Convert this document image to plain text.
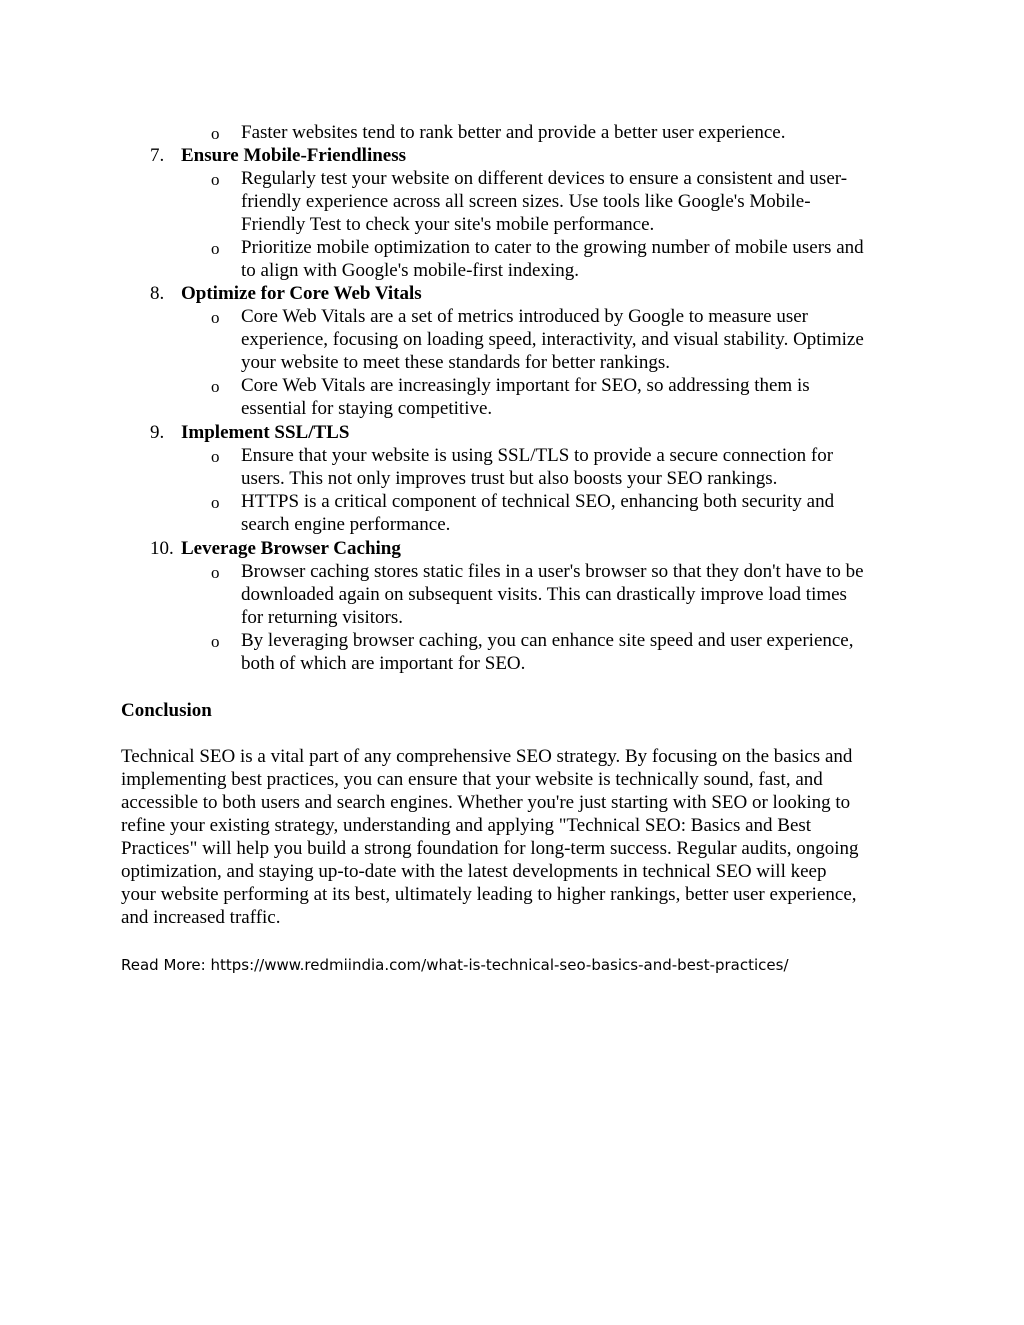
o Faster websites tend to rank better and provide a better user experience.
7. Ensure Mobile-Friendliness
o Regularly test your website on different devices to ensure a consistent and user-
friendly experience across all screen sizes. Use tools like Google's Mobile-
Friendly Test to check your site's mobile performance.
o Prioritize mobile optimization to cater to the growing number of mobile users and
to align with Google's mobile-first indexing.
8. Optimize for Core Web Vitals
o Core Web Vitals are a set of metrics introduced by Google to measure user
experience, focusing on loading speed, interactivity, and visual stability. Optimize
your website to meet these standards for better rankings.
o Core Web Vitals are increasingly important for SEO, so addressing them is
essential for staying competitive.
9. Implement SSL/TLS
o Ensure that your website is using SSL/TLS to provide a secure connection for
users. This not only improves trust but also boosts your SEO rankings.
o HTTPS is a critical component of technical SEO, enhancing both security and
search engine performance.
10. Leverage Browser Caching
o Browser caching stores static files in a user's browser so that they don't have to be
downloaded again on subsequent visits. This can drastically improve load times
for returning visitors.
o By leveraging browser caching, you can enhance site speed and user experience,
both of which are important for SEO.
Conclusion
Technical SEO is a vital part of any comprehensive SEO strategy. By focusing on the basics and
implementing best practices, you can ensure that your website is technically sound, fast, and
accessible to both users and search engines. Whether you're just starting with SEO or looking to
refine your existing strategy, understanding and applying "Technical SEO: Basics and Best
Practices" will help you build a strong foundation for long-term success. Regular audits, ongoing
optimization, and staying up-to-date with the latest developments in technical SEO will keep
your website performing at its best, ultimately leading to higher rankings, better user experience,
and increased traffic.
Read More: https://www.redmiindia.com/what-is-technical-seo-basics-and-best-practices/
